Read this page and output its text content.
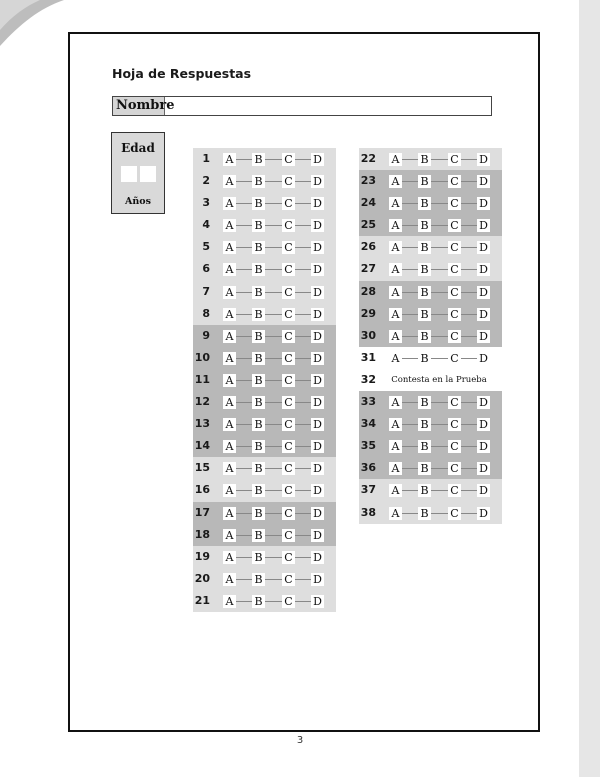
Hoja de Respuestas
Nombre
Edad
Años
1 A B C D
2 A B C D
3 A B C D
4 A B C D
5 A B C D
6 A B C D
7 A B C D
8 A B C D
9 A B C D
10 A B C D
11 A B C D
12 A B C D
13 A B C D
14 A B C D
15 A B C D
16 A B C D
17 A B C D
18 A B C D
19 A B C D
20 A B C D
21 A B C D
22 A B C D
23 A B C D
24 A B C D
25 A B C D
26 A B C D
27 A B C D
28 A B C D
29 A B C D
30 A B C D
31 A B C D
32	Contesta en la Prueba
33 A B C D
34 A B C D
35 A B C D
36 A B C D
37 A B C D
38 A B C D
3
